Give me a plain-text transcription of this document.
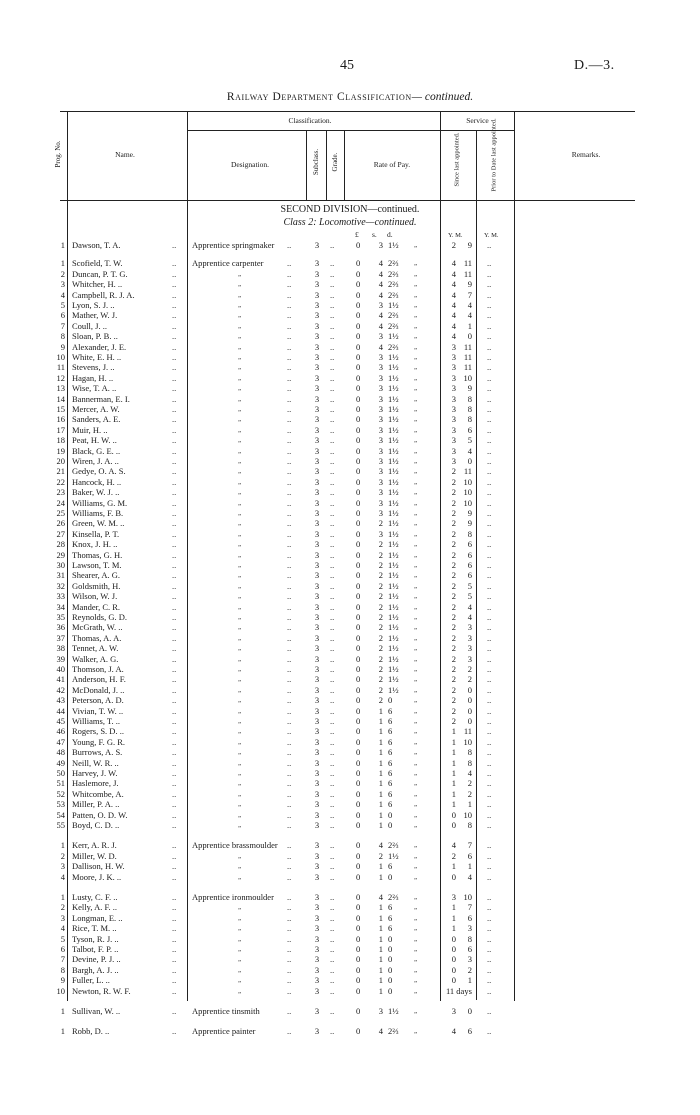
45	D.—3.
Railway Department Classification— continued.
Prog. No.	Name.
Classification.
Designation.	Subclass. Grade.	Rate of Pay.
Service
Since last appointed.	Prior to Date last appointed.	Remarks.
SECOND DIVISION—continued.
Class 2: Locomotive—continued.
£ s. d.	Y. M.	Y. M.
1 Dawson, T. A.	.. Apprentice springmaker ..	3	..	0	3 1½ „	2	9 ..
1 Scofield, T. W.	.. Apprentice carpenter	..	3	..	0	4 2⅔ „	4 11 ..
2 Duncan, P. T. G.	..	„	..	3	..	0	4 2⅔ „	4 11 ..
3 Whitcher, H. ..	..	„	..	3	..	0	4 2⅔ „	4	9 ..
4 Campbell, R. J. A.	..	„	..	3	..	0	4 2⅔ „	4	7 ..
5 Lyon, S. J. ..	..	„	..	3	..	0	3 1½ „	4	4 ..
6 Mather, W. J.	..	„	..	3	..	0	4 2⅔ „	4	4 ..
7 Coull, J. ..	..	„	..	3	..	0	4 2⅔ „	4	1 ..
8 Sloan, P. B. ..	..	„	..	3	..	0	3 1½ „	4	0 ..
9 Alexander, J. E.	..	„	..	3	..	0	4 2⅔ „	3 11 ..
10 White, E. H. ..	..	„	..	3	..	0	3 1½ „	3 11 ..
11 Stevens, J. ..	..	„	..	3	..	0	3 1½ „	3 11 ..
12 Hagan, H. ..	..	„	..	3	..	0	3 1½ „	3 10 ..
13 Wise, T. A. ..	..	„	..	3	..	0	3 1½ „	3	9 ..
14 Bannerman, E. I.	..	„	..	3	..	0	3 1½ „	3	8 ..
15 Mercer, A. W.	..	„	..	3	..	0	3 1½ „	3	8 ..
16 Sanders, A. E.	..	„	..	3	..	0	3 1½ „	3	8 ..
17 Muir, H. ..	..	„	..	3	..	0	3 1½ „	3	6 ..
18 Peat, H. W. ..	..	„	..	3	..	0	3 1½ „	3	5 ..
19 Black, G. E. ..	..	„	..	3	..	0	3 1½ „	3	4 ..
20 Wiren, J. A. ..	..	„	..	3	..	0	3 1½ „	3	0 ..
21 Gedye, O. A. S.	..	„	..	3	..	0	3 1½ „	2 11 ..
22 Hancock, H. ..	..	„	..	3	..	0	3 1½ „	2 10 ..
23 Baker, W. J. ..	..	„	..	3	..	0	3 1½ „	2 10 ..
24 Williams, G. M.	..	„	..	3	..	0	3 1½ „	2 10 ..
25 Williams, F. B.	..	„	..	3	..	0	3 1½ „	2	9 ..
26 Green, W. M. ..	..	„	..	3	..	0	2 1½ „	2	9 ..
27 Kinsella, P. T.	..	„	..	3	..	0	3 1½ „	2	8 ..
28 Knox, J. H. ..	..	„	..	3	..	0	2 1½ „	2	6 ..
29 Thomas, G. H.	..	„	..	3	..	0	2 1½ „	2	6 ..
30 Lawson, T. M.	..	„	..	3	..	0	2 1½ „	2	6 ..
31 Shearer, A. G.	..	„	..	3	..	0	2 1½ „	2	6 ..
32 Goldsmith, H.	..	„	..	3	..	0	2 1½ „	2	5 ..
33 Wilson, W. J.	..	„	..	3	..	0	2 1½ „	2	5 ..
34 Mander, C. R.	..	„	..	3	..	0	2 1½ „	2	4 ..
35 Reynolds, G. D.	..	„	..	3	..	0	2 1½ „	2	4 ..
36 McGrath, W. ..	..	„	..	3	..	0	2 1½ „	2	3 ..
37 Thomas, A. A.	..	„	..	3	..	0	2 1½ „	2	3 ..
38 Tennet, A. W.	..	„	..	3	..	0	2 1½ „	2	3 ..
39 Walker, A. G.	..	„	..	3	..	0	2 1½ „	2	3 ..
40 Thomson, J. A.	..	„	..	3	..	0	2 1½ „	2	2 ..
41 Anderson, H. F.	..	„	..	3	..	0	2 1½ „	2	2 ..
42 McDonald, J. ..	..	„	..	3	..	0	2 1½ „	2	0 ..
43 Peterson, A. D.	..	„	..	3	..	0	2 0	„	2	0 ..
44 Vivian, T. W. ..	..	„	..	3	..	0	1 6	„	2	0 ..
45 Williams, T. ..	..	„	..	3	..	0	1 6	„	2	0 ..
46 Rogers, S. D. ..	..	„	..	3	..	0	1 6	„	1 11 ..
47 Young, F. G. R.	..	„	..	3	..	0	1 6	„	1 10 ..
48 Burrows, A. S.	..	„	..	3	..	0	1 6	„	1	8 ..
49 Neill, W. R. ..	..	„	..	3	..	0	1 6	„	1	8 ..
50 Harvey, J. W.	..	„	..	3	..	0	1 6	„	1	4 ..
51 Haslemore, J.	..	„	..	3	..	0	1 6	„	1	2 ..
52 Whitcombe, A.	..	„	..	3	..	0	1 6	„	1	2 ..
53 Miller, P. A. ..	..	„	..	3	..	0	1 6	„	1	1 ..
54 Patten, O. D. W.	..	„	..	3	..	0	1 0	„	0 10 ..
55 Boyd, C. D. ..	..	„	..	3	..	0	1 0	„	0	8 ..
1 Kerr, A. R. J.	.. Apprentice brassmoulder ..	3	..	0	4 2⅔ „	4	7 ..
2 Miller, W. D.	..	„	..	3	..	0	2 1½ „	2	6 ..
3 Dallison, H. W.	..	„	..	3	..	0	1 6	„	1	1 ..
4 Moore, J. K. ..	..	„	..	3	..	0	1 0	„	0	4 ..
1 Lusty, C. F. ..	.. Apprentice ironmoulder ..	3	..	0	4 2⅔ „	3 10 ..
2 Kelly, A. F. ..	..	„	..	3	..	0	1 6	„	1	7 ..
3 Longman, E. ..	..	„	..	3	..	0	1 6	„	1	6 ..
4 Rice, T. M. ..	..	„	..	3	..	0	1 6	„	1	3 ..
5 Tyson, R. J. ..	..	„	..	3	..	0	1 0	„	0	8 ..
6 Talbot, F. P. ..	..	„	..	3	..	0	1 0	„	0	6 ..
7 Devine, P. J. ..	..	„	..	3	..	0	1 0	„	0	3 ..
8 Bargh, A. J. ..	..	„	..	3	..	0	1 0	„	0	2 ..
9 Fuller, L. ..	..	„	..	3	..	0	1 0	„	0	1 ..
10 Newton, R. W. F.	..	„	..	3	..	0	1 0	„	11 days ..
1 Sullivan, W. ..	.. Apprentice tinsmith	..	3	..	0	3 1½ „	3	0 ..
1 Robb, D. ..	.. Apprentice painter	..	3	..	0	4 2⅔ „	4	6 ..
